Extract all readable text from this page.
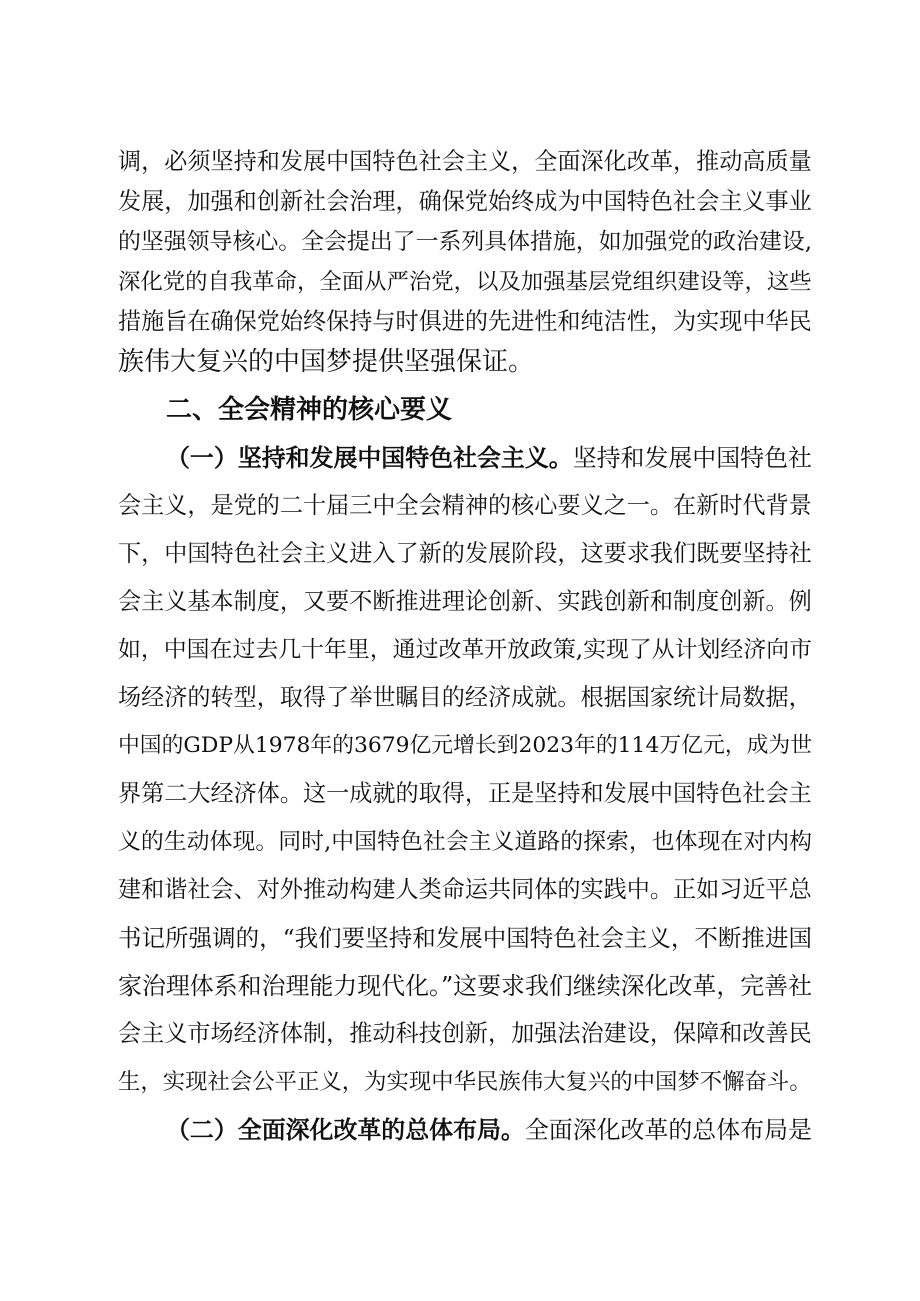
调，必须坚持和发展中国特色社会主义，全面深化改革，推动高质量
发展，加强和创新社会治理，确保党始终成为中国特色社会主义事业
的坚强领导核心。全会提出了一系列具体措施，如加强党的政治建设,
深化党的自我革命，全面从严治党，以及加强基层党组织建设等，这些
措施旨在确保党始终保持与时俱进的先进性和纯洁性，为实现中华民
族伟大复兴的中国梦提供坚强保证。
二、全会精神的核心要义
（一）坚持和发展中国特色社会主义。坚持和发展中国特色社
会主义，是党的二十届三中全会精神的核心要义之一。在新时代背景
下，中国特色社会主义进入了新的发展阶段，这要求我们既要坚持社
会主义基本制度，又要不断推进理论创新、实践创新和制度创新。例
如，中国在过去几十年里，通过改革开放政策,实现了从计划经济向市
场经济的转型，取得了举世瞩目的经济成就。根据国家统计局数据，
中国的GDP从1978年的3679亿元增长到2023年的114万亿元，成为世
界第二大经济体。这一成就的取得，正是坚持和发展中国特色社会主
义的生动体现。同时,中国特色社会主义道路的探索，也体现在对内构
建和谐社会、对外推动构建人类命运共同体的实践中。正如习近平总
书记所强调的，“我们要坚持和发展中国特色社会主义，不断推进国
家治理体系和治理能力现代化。”这要求我们继续深化改革，完善社
会主义市场经济体制，推动科技创新，加强法治建设，保障和改善民
生，实现社会公平正义，为实现中华民族伟大复兴的中国梦不懈奋斗。
（二）全面深化改革的总体布局。全面深化改革的总体布局是
